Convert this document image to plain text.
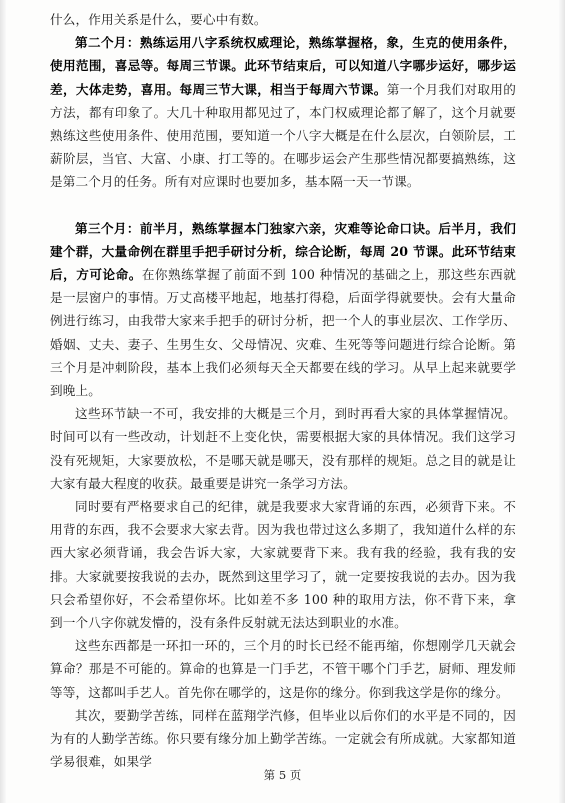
什么，作用关系是什么，要心中有数。

第二个月：熟练运用八字系统权威理论，熟练掌握格，象，生克的使用条件，使用范围，喜忌等。每周三节课。此环节结束后，可以知道八字哪步运好，哪步运差，大体走势，喜用。每周三节大课，相当于每周六节课。第一个月我们对取用的方法，都有印象了。大几十种取用都见过了，本门权威理论都了解了，这个月就要熟练这些使用条件、使用范围，要知道一个八字大概是在什么层次，白领阶层，工薪阶层，当官、大富、小康、打工等的。在哪步运会产生那些情况都要搞熟练，这是第二个月的任务。所有对应课时也要加多，基本隔一天一节课。

第三个月：前半月，熟练掌握本门独家六亲，灾难等论命口诀。后半月，我们建个群，大量命例在群里手把手研讨分析，综合论断，每周 20 节课。此环节结束后，方可论命。在你熟练掌握了前面不到 100 种情况的基础之上，那这些东西就是一层窗户的事情。万丈高楼平地起，地基打得稳，后面学得就要快。会有大量命例进行练习，由我带大家来手把手的研讨分析，把一个人的事业层次、工作学历、婚姻、丈夫、妻子、生男生女、父母情况、灾难、生死等等问题进行综合论断。第三个月是冲刺阶段，基本上我们必须每天全天都要在线的学习。从早上起来就要学到晚上。

这些环节缺一不可，我安排的大概是三个月，到时再看大家的具体掌握情况。时间可以有一些改动，计划赶不上变化快，需要根据大家的具体情况。我们这学习没有死规矩，大家要放松，不是哪天就是哪天，没有那样的规矩。总之目的就是让大家有最大程度的收获。最重要是讲究一条学习方法。

同时要有严格要求自己的纪律，就是我要求大家背诵的东西，必须背下来。不用背的东西，我不会要求大家去背。因为我也带过这么多期了，我知道什么样的东西大家必须背诵，我会告诉大家，大家就要背下来。我有我的经验，我有我的安排。大家就要按我说的去办，既然到这里学习了，就一定要按我说的去办。因为我只会希望你好，不会希望你坏。比如差不多 100 种的取用方法，你不背下来，拿到一个八字你就发懵的，没有条件反射就无法达到职业的水准。

这些东西都是一环扣一环的，三个月的时长已经不能再缩，你想刚学几天就会算命？那是不可能的。算命的也算是一门手艺，不管干哪个门手艺，厨师、理发师等等，这都叫手艺人。首先你在哪学的，这是你的缘分。你到我这学是你的缘分。

其次，要勤学苦练，同样在蓝翔学汽修，但毕业以后你们的水平是不同的，因为有的人勤学苦练。你只要有缘分加上勤学苦练。一定就会有所成就。大家都知道学易很难，如果学

第 5 页
